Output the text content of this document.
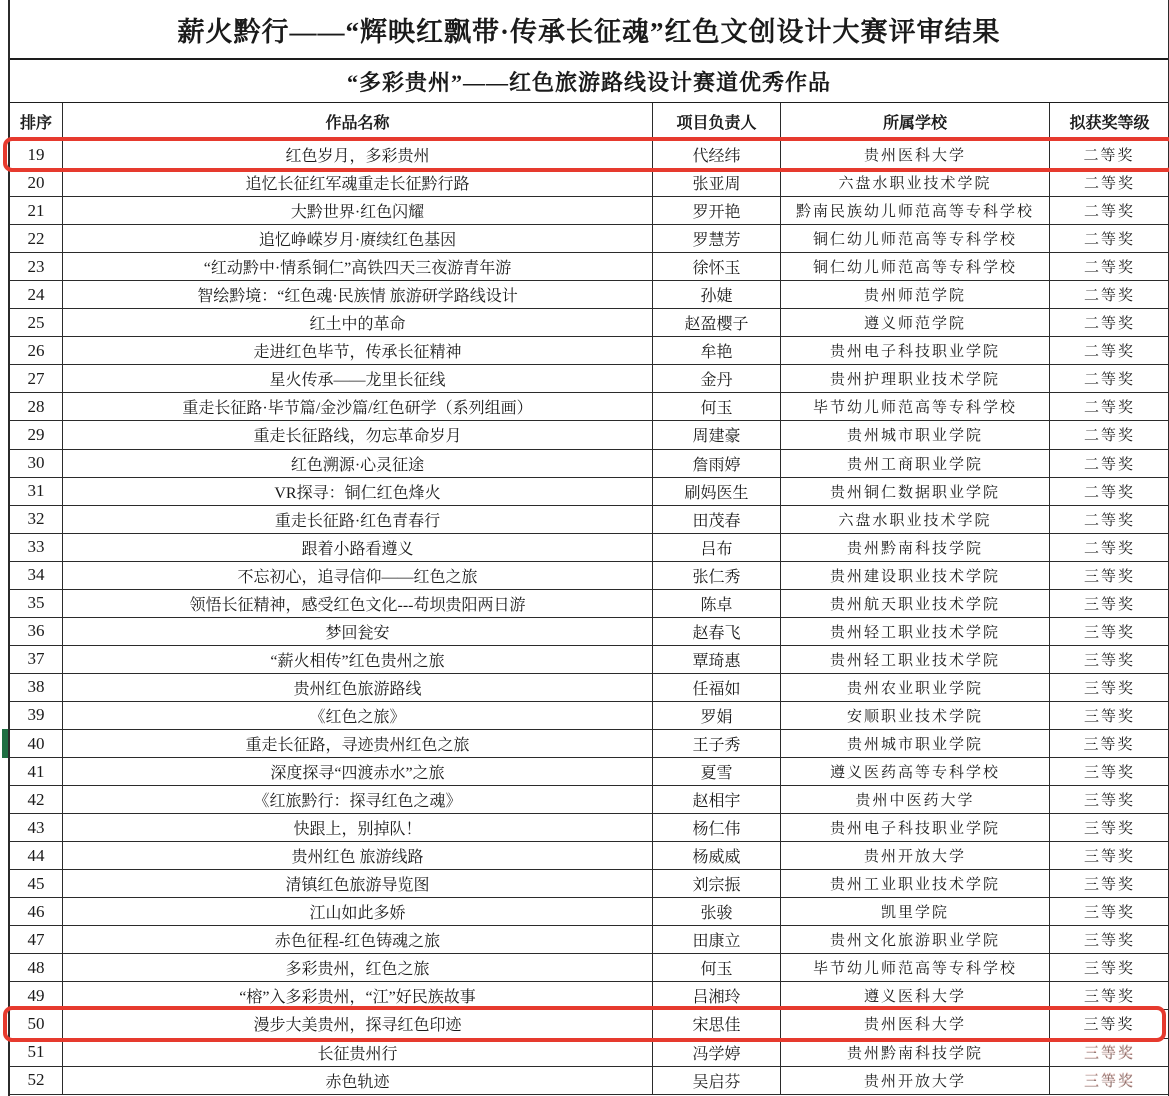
薪火黔行——“辉映红飘带·传承长征魂”红色文创设计大赛评审结果
“多彩贵州”——红色旅游路线设计赛道优秀作品
排序	作品名称	项目负责人	所属学校	拟获奖等级
19	红色岁月，多彩贵州	代经纬	贵州医科大学	二等奖
20	追忆长征红军魂重走长征黔行路	张亚周	六盘水职业技术学院	二等奖
21	大黔世界·红色闪耀	罗开艳	黔南民族幼儿师范高等专科学校	二等奖
22	追忆峥嵘岁月·赓续红色基因	罗慧芳	铜仁幼儿师范高等专科学校	二等奖
23	“红动黔中·情系铜仁”高铁四天三夜游青年游	徐怀玉	铜仁幼儿师范高等专科学校	二等奖
24	智绘黔境：“红色魂·民族情 旅游研学路线设计	孙婕	贵州师范学院	二等奖
25	红土中的革命	赵盈樱子	遵义师范学院	二等奖
26	走进红色毕节，传承长征精神	牟艳	贵州电子科技职业学院	二等奖
27	星火传承——龙里长征线	金丹	贵州护理职业技术学院	二等奖
28	重走长征路·毕节篇/金沙篇/红色研学（系列组画）	何玉	毕节幼儿师范高等专科学校	二等奖
29	重走长征路线，勿忘革命岁月	周建豪	贵州城市职业学院	二等奖
30	红色溯源·心灵征途	詹雨婷	贵州工商职业学院	二等奖
31	VR探寻：铜仁红色烽火	刷妈医生	贵州铜仁数据职业学院	二等奖
32	重走长征路·红色青春行	田茂春	六盘水职业技术学院	二等奖
33	跟着小路看遵义	吕布	贵州黔南科技学院	二等奖
34	不忘初心，追寻信仰——红色之旅	张仁秀	贵州建设职业技术学院	三等奖
35	领悟长征精神，感受红色文化---苟坝贵阳两日游	陈卓	贵州航天职业技术学院	三等奖
36	梦回瓮安	赵春飞	贵州轻工职业技术学院	三等奖
37	“薪火相传”红色贵州之旅	覃琦惠	贵州轻工职业技术学院	三等奖
38	贵州红色旅游路线	任福如	贵州农业职业学院	三等奖
39	《红色之旅》	罗娟	安顺职业技术学院	三等奖
40	重走长征路，寻迹贵州红色之旅	王子秀	贵州城市职业学院	三等奖
41	深度探寻“四渡赤水”之旅	夏雪	遵义医药高等专科学校	三等奖
42	《红旅黔行：探寻红色之魂》	赵相宇	贵州中医药大学	三等奖
43	快跟上，别掉队！	杨仁伟	贵州电子科技职业学院	三等奖
44	贵州红色 旅游线路	杨威威	贵州开放大学	三等奖
45	清镇红色旅游导览图	刘宗振	贵州工业职业技术学院	三等奖
46	江山如此多娇	张骏	凯里学院	三等奖
47	赤色征程-红色铸魂之旅	田康立	贵州文化旅游职业学院	三等奖
48	多彩贵州，红色之旅	何玉	毕节幼儿师范高等专科学校	三等奖
49	“榕”入多彩贵州，“江”好民族故事	吕湘玲	遵义医科大学	三等奖
50	漫步大美贵州，探寻红色印迹	宋思佳	贵州医科大学	三等奖
51	长征贵州行	冯学婷	贵州黔南科技学院	三等奖
52	赤色轨迹	吴启芬	贵州开放大学	三等奖
